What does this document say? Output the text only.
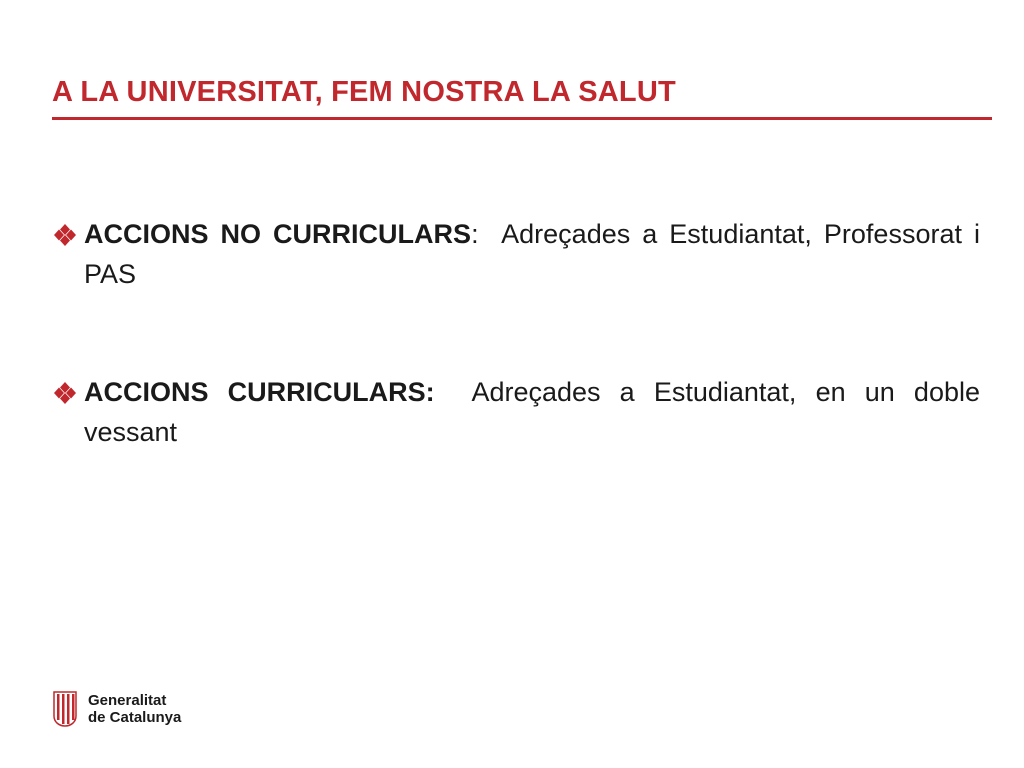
A LA UNIVERSITAT, FEM NOSTRA LA SALUT
ACCIONS NO CURRICULARS:  Adreçades a Estudiantat, Professorat i PAS
ACCIONS CURRICULARS:  Adreçades a Estudiantat, en un doble vessant
Generalitat
de Catalunya
